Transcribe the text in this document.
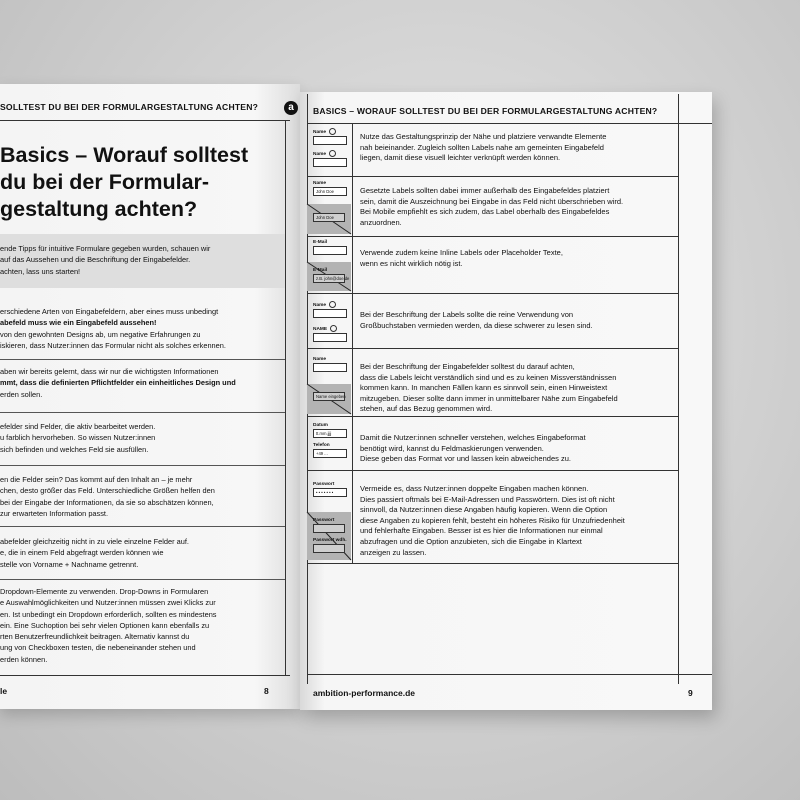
SOLLTEST DU BEI DER FORMULARGESTALTUNG ACHTEN?
Basics – Worauf solltest
du bei der Formular-
gestaltung achten?
ende Tipps für intuitive Formulare gegeben wurden, schauen wir
auf das Aussehen und die Beschriftung der Eingabefelder.
achten, lass uns starten!
erschiedene Arten von Eingabefeldern, aber eines muss unbedingt
abefeld muss wie ein Eingabefeld aussehen!
von den gewohnten Designs ab, um negative Erfahrungen zu
iskieren, dass Nutzer:innen das Formular nicht als solches erkennen.
aben wir bereits gelernt, dass wir nur die wichtigsten Informationen
mmt, dass die definierten Pflichtfelder ein einheitliches Design und
erden sollen.
efelder sind Felder, die aktiv bearbeitet werden.
u farblich hervorheben. So wissen Nutzer:innen
sich befinden und welches Feld sie ausfüllen.
en die Felder sein? Das kommt auf den Inhalt an – je mehr
chen, desto größer das Feld. Unterschiedliche Größen helfen den
bei der Eingabe der Informationen, da sie so abschätzen können,
zur erwarteten Information passt.
abefelder gleichzeitig nicht in zu viele einzelne Felder auf.
e, die in einem Feld abgefragt werden können wie
stelle von Vorname + Nachname getrennt.
Dropdown-Elemente zu verwenden. Drop-Downs in Formularen
e Auswahlmöglichkeiten und Nutzer:innen müssen zwei Klicks zur
en. Ist unbedingt ein Dropdown erforderlich, sollten es mindestens
ein. Eine Suchoption bei sehr vielen Optionen kann ebenfalls zu
rten Benutzerfreundlichkeit beitragen. Alternativ kannst du
ung von Checkboxen testen, die nebeneinander stehen und
erden können.
le	8
a	BASICS – WORAUF SOLLTEST DU BEI DER FORMULARGESTALTUNG ACHTEN?
Nutze das Gestaltungsprinzip der Nähe und platziere verwandte Elemente
nah beieinander. Zugleich sollten Labels nahe am gemeinten Eingabefeld
liegen, damit diese visuell leichter verknüpft werden können.
Name
Name
Gesetzte Labels sollten dabei immer außerhalb des Eingabefeldes platziert
sein, damit die Auszeichnung bei Eingabe in das Feld nicht überschrieben wird.
Bei Mobile empfiehlt es sich zudem, das Label oberhalb des Eingabefeldes
anzuordnen.
Name
John Doe
John Doe
Verwende zudem keine Inline Labels oder Placeholder Texte,
wenn es nicht wirklich nötig ist.
E-Mail
E-Mail
z.B. john@doe.de
Bei der Beschriftung der Labels sollte die reine Verwendung von
Großbuchstaben vermieden werden, da diese schwerer zu lesen sind.
Name
NAME
Bei der Beschriftung der Eingabefelder solltest du darauf achten,
dass die Labels leicht verständlich sind und es zu keinen Missverständnissen
kommen kann. In manchen Fällen kann es sinnvoll sein, einen Hinweistext
mitzugeben. Dieser sollte dann immer in unmittelbarer Nähe zum Eingabefeld
stehen, auf das Bezug genommen wird.
Name
Name eingeben
Damit die Nutzer:innen schneller verstehen, welches Eingabeformat
benötigt wird, kannst du Feldmaskierungen verwenden.
Diese geben das Format vor und lassen kein abweichendes zu.
Datum
tt.mm.jjjj
Telefon
+49 ...
Vermeide es, dass Nutzer:innen doppelte Eingaben machen können.
Dies passiert oftmals bei E-Mail-Adressen und Passwörtern. Dies ist oft nicht
sinnvoll, da Nutzer:innen diese Angaben häufig kopieren. Wenn die Option
diese Angaben zu kopieren fehlt, besteht ein höheres Risiko für Unzufriedenheit
und fehlerhafte Eingaben. Besser ist es hier die Informationen nur einmal
abzufragen und die Option anzubieten, sich die Eingabe in Klartext
anzeigen zu lassen.
Passwort
• • • • • • •
Passwort
Passwort wdh.
ambition-performance.de	9
